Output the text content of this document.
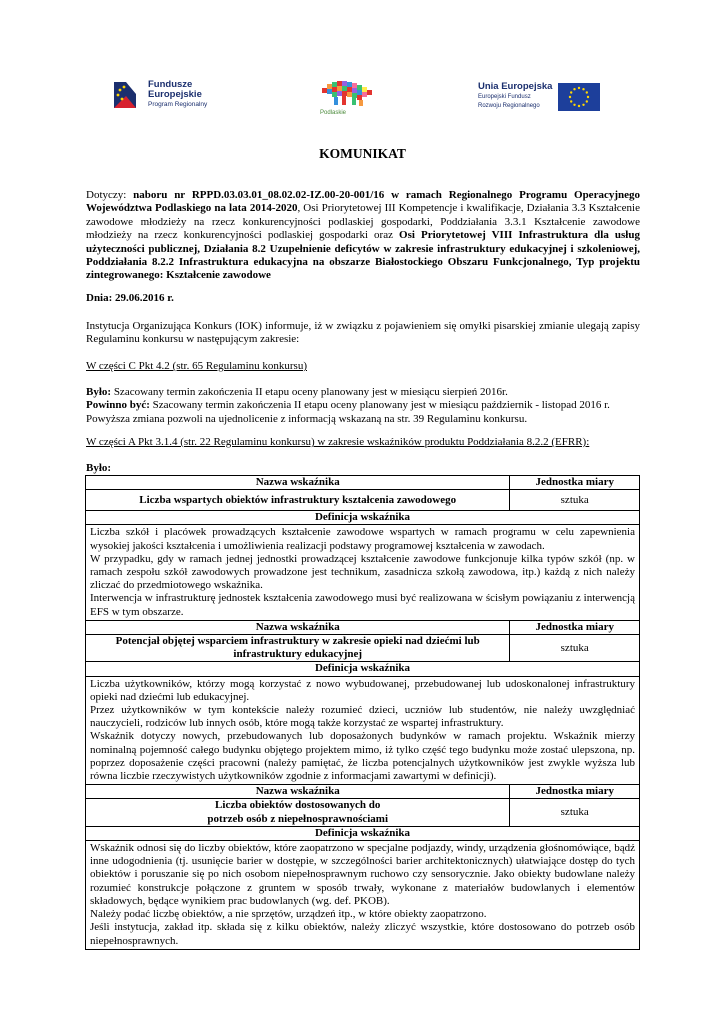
Fundusze
Europejskie
Program Regionalny
Podlaskie
Unia Europejska
Europejski Fundusz
Rozwoju Regionalnego
KOMUNIKAT
Dotyczy: naboru nr RPPD.03.03.01_08.02.02-IZ.00-20-001/16 w ramach Regionalnego Programu Operacyjnego Województwa Podlaskiego na lata 2014-2020, Osi Priorytetowej III Kompetencje i kwalifikacje, Działania 3.3 Kształcenie zawodowe młodzieży na rzecz konkurencyjności podlaskiej gospodarki, Poddziałania 3.3.1 Kształcenie zawodowe młodzieży na rzecz konkurencyjności podlaskiej gospodarki oraz Osi Priorytetowej VIII Infrastruktura dla usług użyteczności publicznej, Działania 8.2 Uzupełnienie deficytów w zakresie infrastruktury edukacyjnej i szkoleniowej, Poddziałania 8.2.2 Infrastruktura edukacyjna na obszarze Białostockiego Obszaru Funkcjonalnego, Typ projektu zintegrowanego: Kształcenie zawodowe
Dnia: 29.06.2016 r.
Instytucja Organizująca Konkurs (IOK) informuje, iż w związku z pojawieniem się omyłki pisarskiej zmianie ulegają zapisy Regulaminu konkursu w następującym zakresie:
W części C Pkt 4.2 (str. 65 Regulaminu konkursu)
Było: Szacowany termin zakończenia II etapu oceny planowany jest w miesiącu sierpień 2016r.
Powinno być: Szacowany termin zakończenia II etapu oceny planowany jest w miesiącu październik - listopad 2016 r.
Powyższa zmiana pozwoli na ujednolicenie z informacją wskazaną na str. 39 Regulaminu konkursu.
W części A Pkt 3.1.4 (str. 22 Regulaminu konkursu) w zakresie wskaźników produktu Poddziałania 8.2.2 (EFRR):
Było:
Nazwa wskaźnika	Jednostka miary
Liczba wspartych obiektów infrastruktury kształcenia zawodowego	sztuka
Definicja wskaźnika	

Liczba szkół i placówek prowadzących kształcenie zawodowe wspartych w ramach programu w celu zapewnienia wysokiej jakości kształcenia i umożliwienia realizacji podstawy programowej kształcenia w zawodach.
W przypadku, gdy w ramach jednej jednostki prowadzącej kształcenie zawodowe funkcjonuje kilka typów szkół (np. w ramach zespołu szkół zawodowych prowadzone jest technikum, zasadnicza szkołą zawodowa, itp.) każdą z nich należy zliczać do przedmiotowego wskaźnika.
Interwencja w infrastrukturę jednostek kształcenia zawodowego musi być realizowana w ścisłym powiązaniu z interwencją EFS w tym obszarze.	

Nazwa wskaźnika	Jednostka miary
Potencjał objętej wsparciem infrastruktury w zakresie opieki nad dziećmi lub infrastruktury edukacyjnej	sztuka
Definicja wskaźnika	

Liczba użytkowników, którzy mogą korzystać z nowo wybudowanej, przebudowanej lub udoskonalonej infrastruktury opieki nad dziećmi lub edukacyjnej.
Przez użytkowników w tym kontekście należy rozumieć dzieci, uczniów lub studentów, nie należy uwzględniać nauczycieli, rodziców lub innych osób, które mogą także korzystać ze wspartej infrastruktury.
Wskaźnik dotyczy nowych, przebudowanych lub doposażonych budynków w ramach projektu. Wskaźnik mierzy nominalną pojemność całego budynku objętego projektem mimo, iż tylko część tego budynku może zostać ulepszona, np. poprzez doposażenie części pracowni (należy pamiętać, że liczba potencjalnych użytkowników jest zwykle wyższa lub równa liczbie rzeczywistych użytkowników zgodnie z informacjami zawartymi w definicji).	

Nazwa wskaźnika	Jednostka miary
Liczba obiektów dostosowanych do potrzeb osób z niepełnosprawnościami	sztuka
Definicja wskaźnika	

Wskaźnik odnosi się do liczby obiektów, które zaopatrzono w specjalne podjazdy, windy, urządzenia głośnomówiące, bądź inne udogodnienia (tj. usunięcie barier w dostępie, w szczególności barier architektonicznych) ułatwiające dostęp do tych obiektów i poruszanie się po nich osobom niepełnosprawnym ruchowo czy sensorycznie. Jako obiekty budowlane należy rozumieć konstrukcje połączone z gruntem w sposób trwały, wykonane z materiałów budowlanych i elementów składowych, będące wynikiem prac budowlanych (wg. def. PKOB).
Należy podać liczbę obiektów, a nie sprzętów, urządzeń itp., w które obiekty zaopatrzono.
Jeśli instytucja, zakład itp. składa się z kilku obiektów, należy zliczyć wszystkie, które dostosowano do potrzeb osób niepełnosprawnych.	
